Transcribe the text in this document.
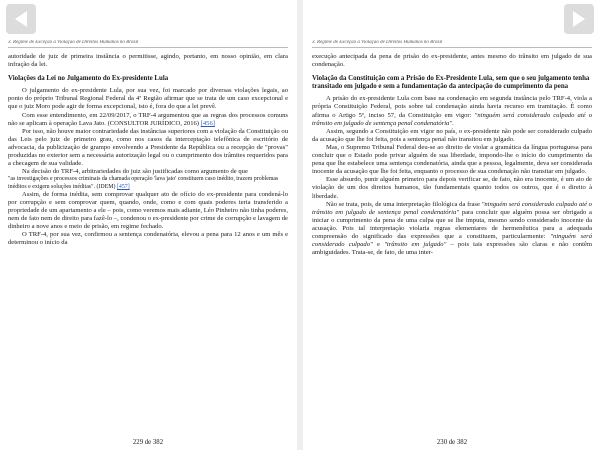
3. Regime de Exceção à Violação de Direitos Humanos no Brasil

autoridade de juiz de primeira instância o permitisse, agindo, portanto, em nosso opinião, em clara infração da lei.

Violações da Lei no Julgamento do Ex-presidente Lula

O julgamento do ex-presidente Lula, por sua vez, foi marcado por diversas violações legais, ao ponto do próprio Tribunal Regional Federal da 4ª Região afirmar que se trata de um caso excepcional e que o juiz Moro pode agir de forma excepcional, isto é, fora do que a lei prevê.

Com esse entendimento, em 22/09/2017, o TRF-4 argumentou que as regras dos processos comuns não se aplicam à operação Lava Jato. (CONSULTOR JURÍDICO, 2016) [456]

Por isso, não houve maior contrariedade das instâncias superiores com a violação da Constituição ou das Leis pelo juiz de primeiro grau, como nos casos da interceptação telefônica de escritório de advocacia, da publicização de grampo envolvendo a Presidente da República ou a recepção de "provas" produzidas no exterior sem a necessária autorização legal ou o cumprimento dos trâmites requeridos para a checagem de sua validade.

Na decisão do TRF-4, arbitrariedades do juiz são justificadas como argumento de que

"as investigações e processos criminais da chamada operação 'lava jato' constituem caso inédito, trazem problemas inéditos e exigem soluções inéditas". (IDEM) [457]

Assim, de forma inédita, sem comprovar qualquer ato de ofício do ex-presidente para condená-lo por corrupção e sem comprovar quem, quando, onde, como e com quais poderes teria transferido a propriedade de um apartamento a ele – pois, como veremos mais adiante, Léo Pinheiro não tinha poderes, nem de fato nem de direito para fazê-lo –, condenou o ex-presidente por crime de corrupção e lavagem de dinheiro a nove anos e meio de prisão, em regime fechado.

O TRF-4, por sua vez, confirmou a sentença condenatória, elevou a pena para 12 anos e um mês e determinou o início da

229 de 382
3. Regime de Exceção à Violação de Direitos Humanos no Brasil

execução antecipada da pena de prisão do ex-presidente, antes mesmo do trânsito em julgado de sua condenação.

Violação da Constituição com a Prisão do Ex-Presidente Lula, sem que o seu julgamento tenha transitado em julgado e sem a fundamentação da antecipação do cumprimento da pena

A prisão do ex-presidente Lula com base na condenação em segunda instância pelo TRF-4, viola a própria Constituição Federal, pois sobre tal condenação ainda havia recurso em tramitação. É como afirma o Artigo 5º, inciso 57, da Constituição em vigor: "ninguém será considerado culpado até o trânsito em julgado de sentença penal condenatória".

Assim, segundo a Constituição em vigor no país, o ex-presidente não pode ser considerado culpado da acusação que lhe foi feita, pois a sentença penal não transitou em julgado.

Mas, o Supremo Tribunal Federal deu-se ao direito de violar a gramática da língua portuguesa para concluir que o Estado pode privar alguém de sua liberdade, impondo-lhe o início do cumprimento da pena que lhe estabelece uma sentença condenatória, ainda que a pessoa, legalmente, deva ser considerada inocente da acusação que lhe foi feita, enquanto o processo de sua condenação não transitar em julgado.

Esse absurdo, punir alguém primeiro para depois verificar se, de fato, não era inocente, é um ato de violação de um dos direitos humanos, tão fundamentais quanto todos os outros, que é o direito à liberdade.

Não se trata, pois, de uma interpretação filológica da frase "ninguém será considerado culpado até o trânsito em julgado de sentença penal condenatória" para concluir que alguém possa ser obrigado a iniciar o cumprimento da pena de uma culpa que se lhe imputa, mesmo sendo considerado inocente da acusação. Pois tal interpretação violaria regras elementares de hermenêutica para a adequada compreensão do significado das expressões que a constituem, particularmente: "ninguém será considerado culpado" e "trânsito em julgado" – pois tais expressões são claras e não contêm ambiguidades. Trata-se, de fato, de uma inter-

230 de 382
